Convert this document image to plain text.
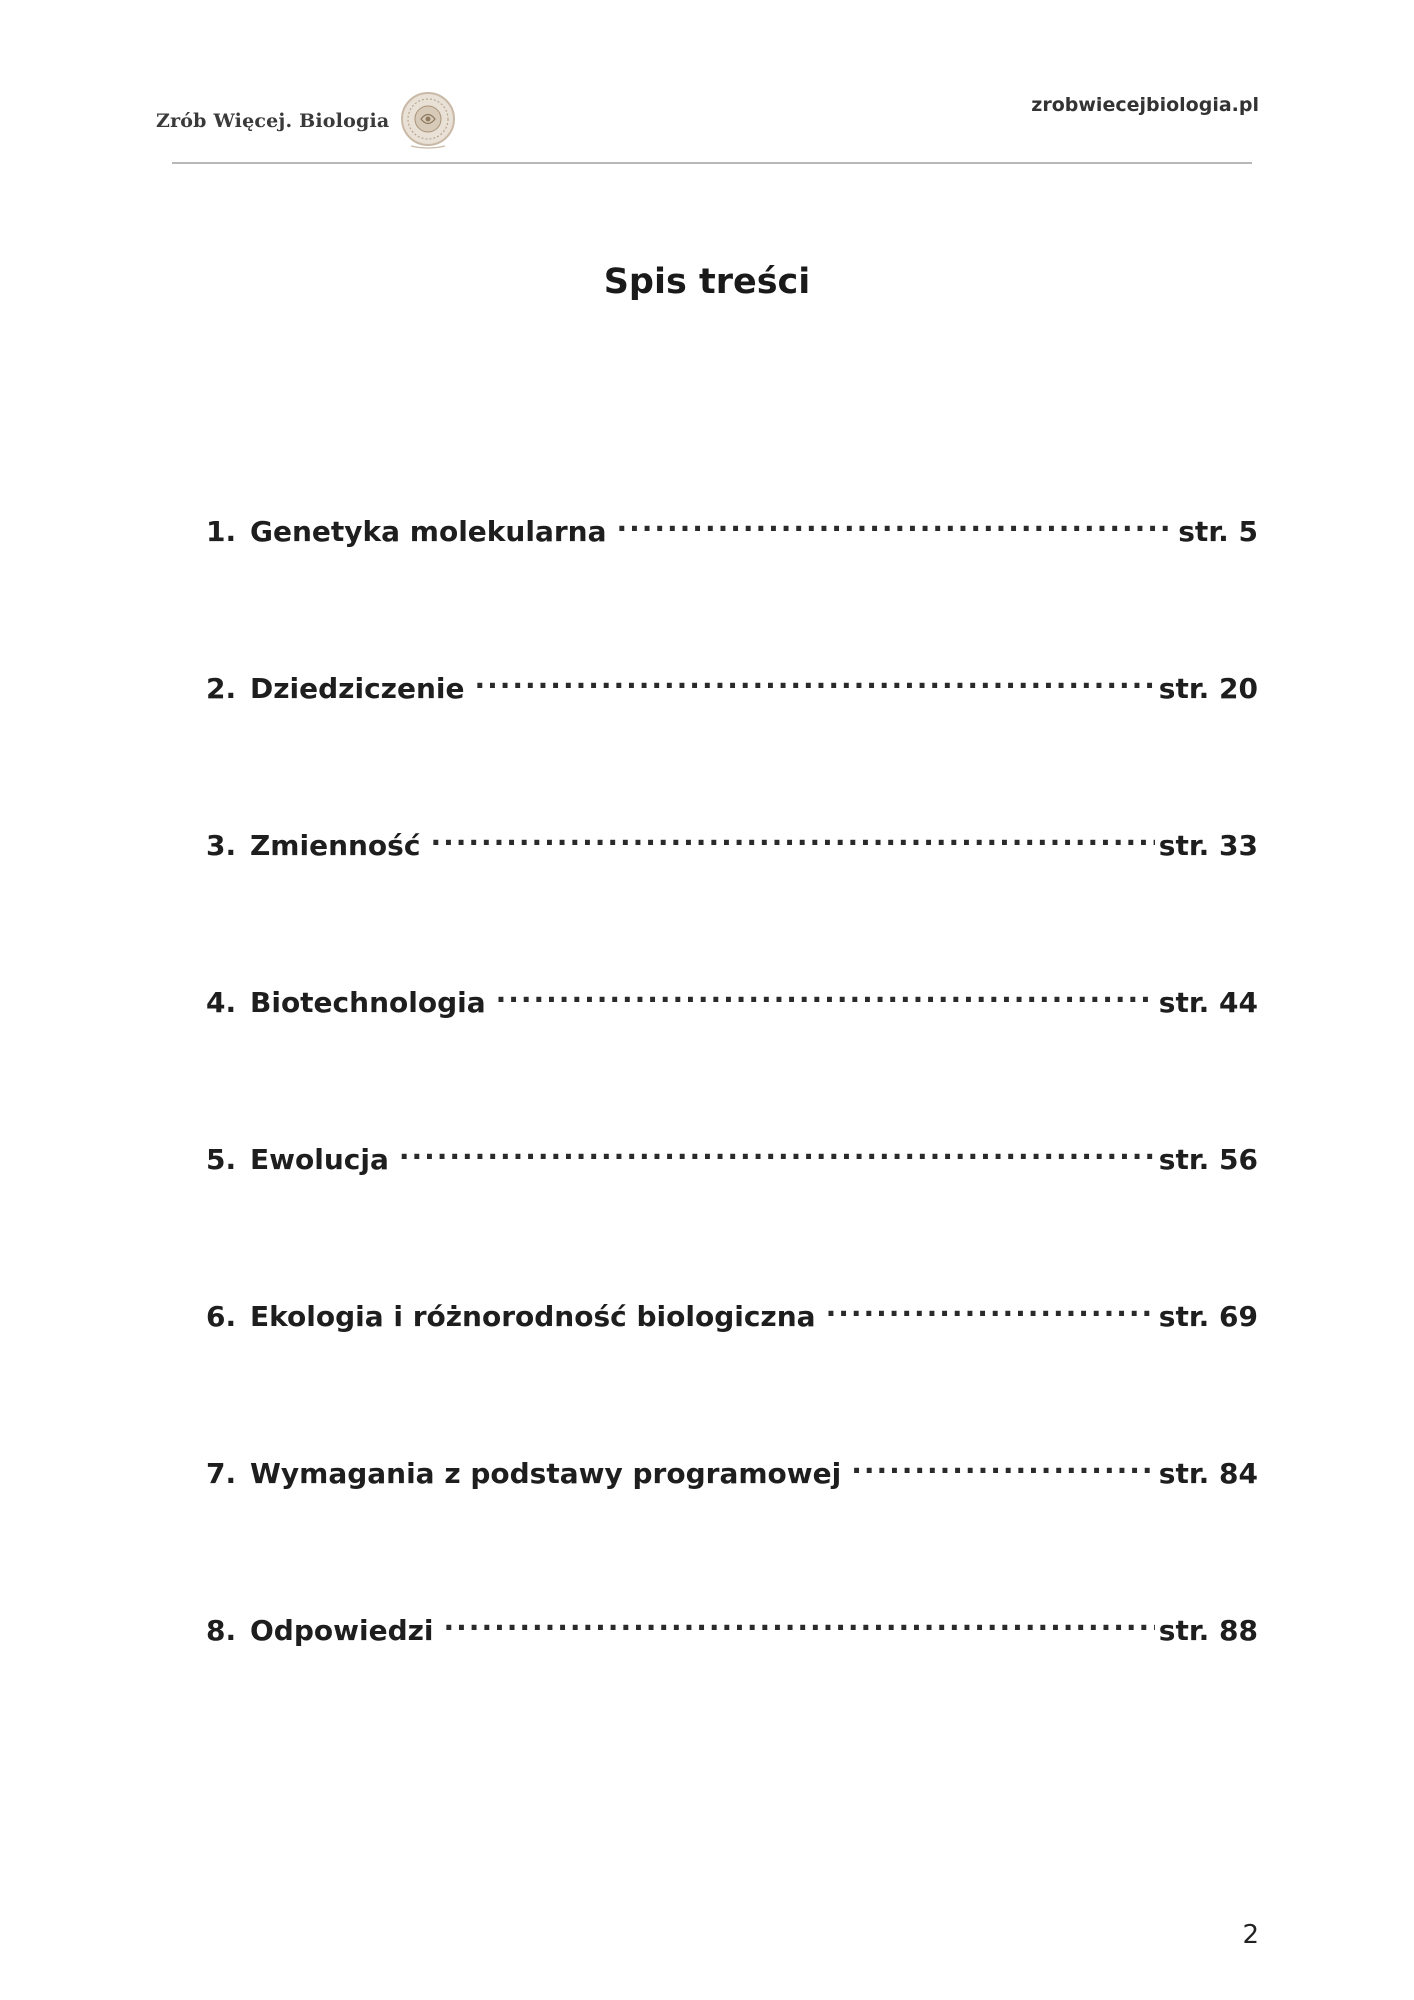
Zrób Więcej. Biologia
zrobwiecejbiologia.pl
Spis treści
1. Genetyka molekularna .....	str. 5
2. Dziedziczenie .....	str. 20
3. Zmienność .....	str. 33
4. Biotechnologia .....	str. 44
5. Ewolucja .....	str. 56
6. Ekologia i różnorodność biologiczna .....	str. 69
7. Wymagania z podstawy programowej .....	str. 84
8. Odpowiedzi .....	str. 88
2
